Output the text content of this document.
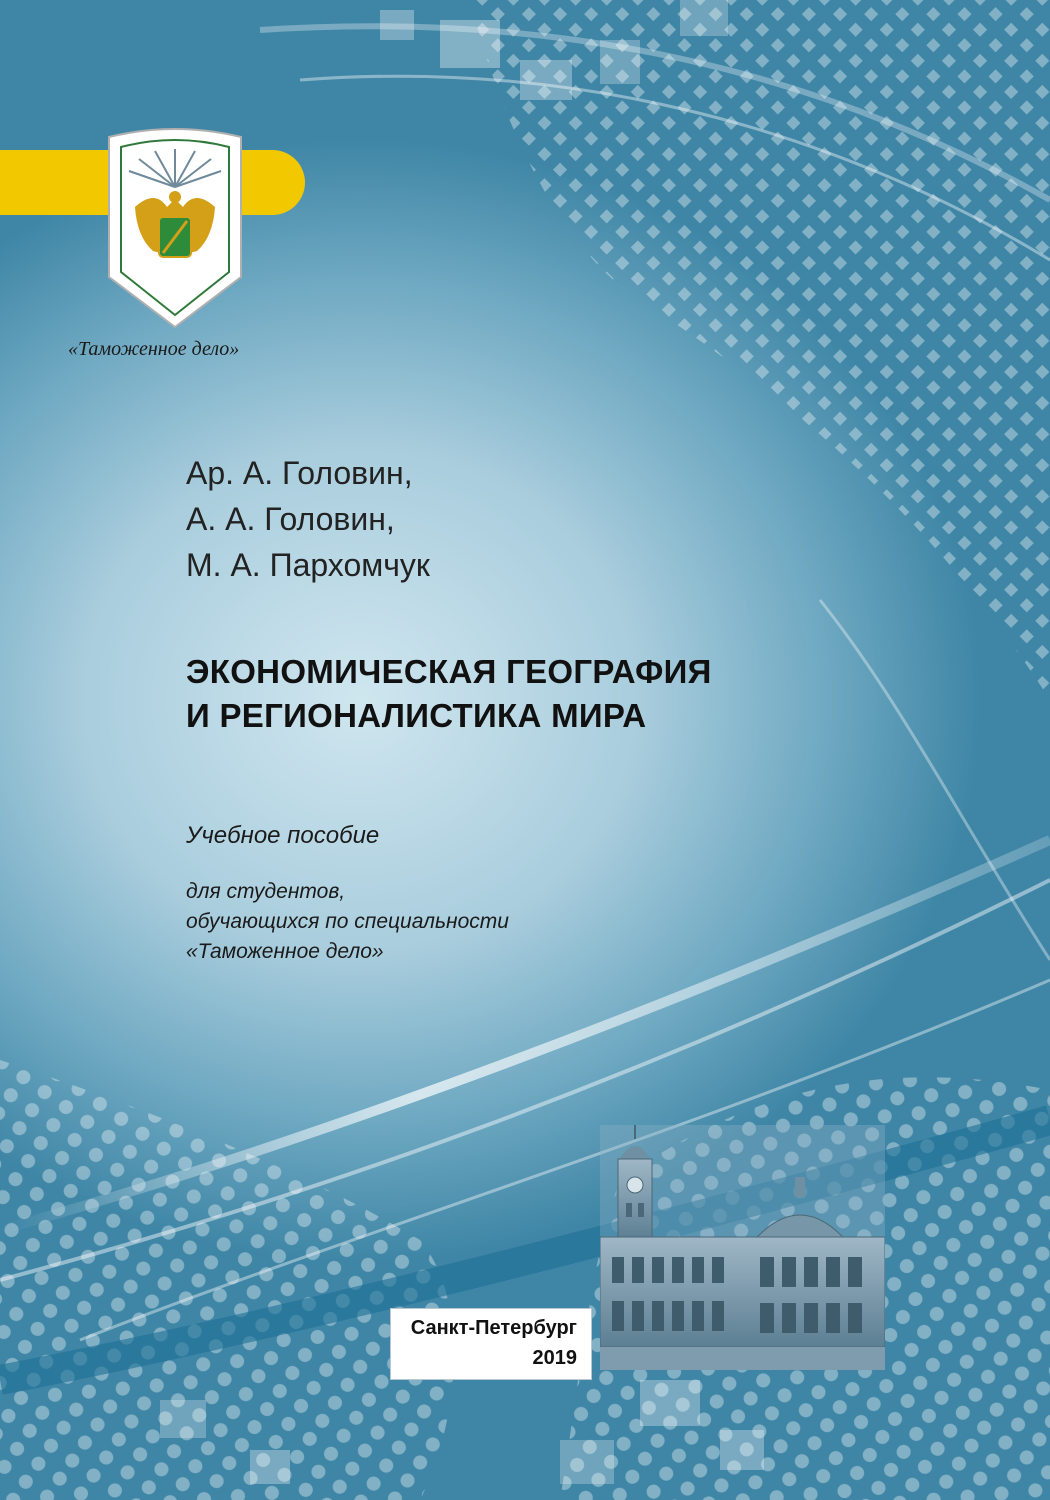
«Таможенное дело»
Ар. А. Головин,
А. А. Головин,
М. А. Пархомчук
ЭКОНОМИЧЕСКАЯ ГЕОГРАФИЯ
И РЕГИОНАЛИСТИКА МИРА
Учебное пособие
для студентов,
обучающихся по специальности
«Таможенное дело»
Санкт-Петербург
2019
